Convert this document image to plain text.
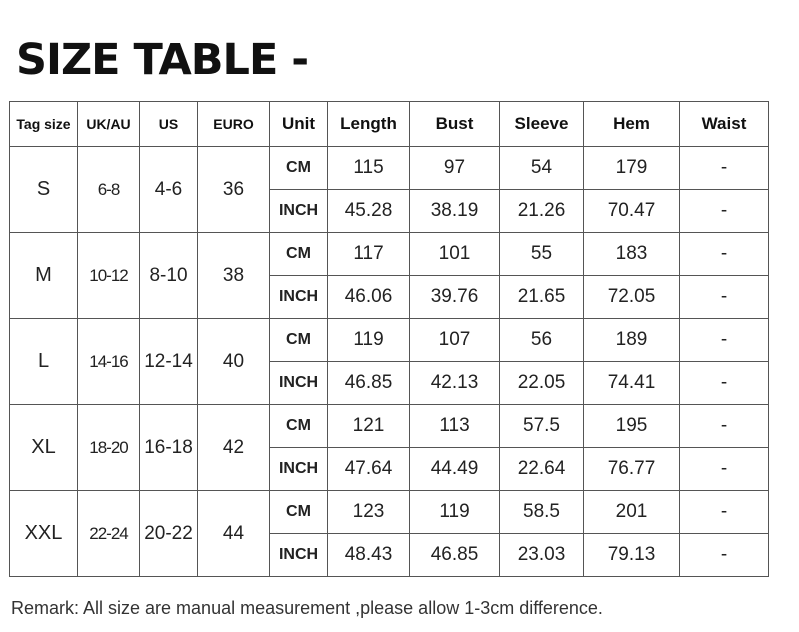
SIZE TABLE -
Tag size	UK/AU	US	EURO	Unit	Length	Bust	Sleeve	Hem	Waist
S	6-8	4-6	36	CM	115	97	54	179	-
				INCH	45.28	38.19	21.26	70.47	-
M	10-12	8-10	38	CM	117	101	55	183	-
				INCH	46.06	39.76	21.65	72.05	-
L	14-16	12-14	40	CM	119	107	56	189	-
				INCH	46.85	42.13	22.05	74.41	-
XL	18-20	16-18	42	CM	121	113	57.5	195	-
				INCH	47.64	44.49	22.64	76.77	-
XXL	22-24	20-22	44	CM	123	119	58.5	201	-
				INCH	48.43	46.85	23.03	79.13	-

Remark: All size are manual measurement ,please allow 1-3cm difference.
